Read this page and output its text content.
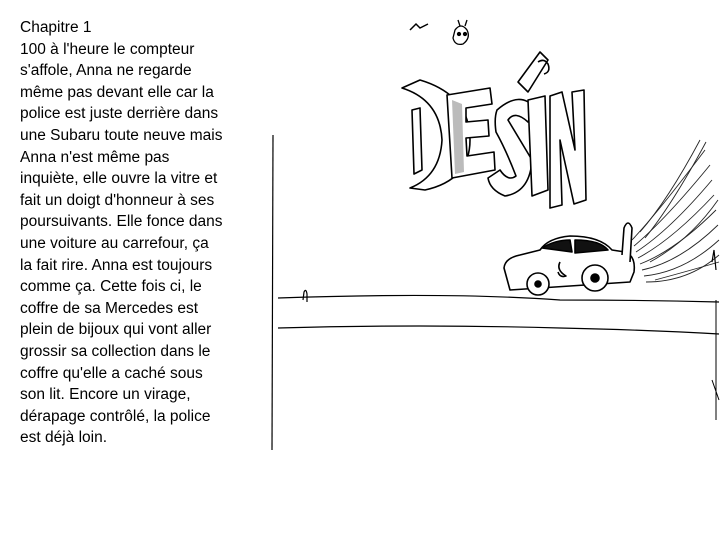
Chapitre 1
100 à l'heure le compteur
s'affole, Anna ne regarde
même pas devant elle car la
police est juste derrière dans
une Subaru toute neuve mais
Anna n'est même pas
inquiète, elle ouvre la vitre et
fait un doigt d'honneur à ses
poursuivants. Elle fonce dans
une voiture au carrefour, ça
la fait rire. Anna est toujours
comme ça. Cette fois ci, le
coffre de sa Mercedes est
plein de bijoux qui vont aller
grossir sa collection dans le
coffre qu'elle a caché sous
son lit. Encore un virage,
dérapage contrôlé, la police
est déjà loin.
